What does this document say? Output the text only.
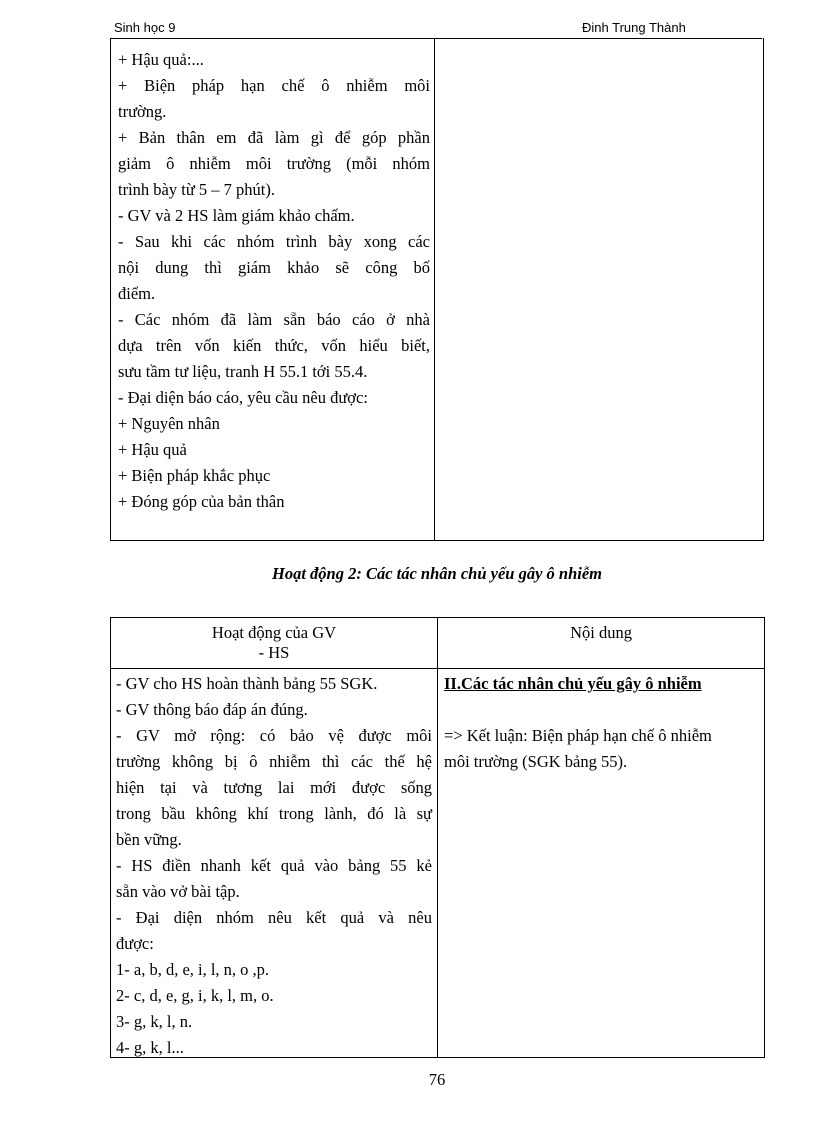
Sinh học 9	Đinh Trung Thành
+ Hậu quả:...
+ Biện pháp hạn chế ô nhiễm môi
trường.
+ Bản thân em đã làm gì để góp phần
giảm ô nhiễm môi trường (mỗi nhóm
trình bày từ 5 – 7 phút).
- GV và 2 HS làm giám khảo chấm.
- Sau khi các nhóm trình bày xong các
nội dung thì giám khảo sẽ công bố
điểm.
- Các nhóm đã làm sẵn báo cáo ở nhà
dựa trên vốn kiến thức, vốn hiểu biết,
sưu tầm tư liệu, tranh H 55.1 tới 55.4.
- Đại diện báo cáo, yêu cầu nêu được:
+ Nguyên nhân
+ Hậu quả
+ Biện pháp khắc phục
+ Đóng góp của bản thân
Hoạt động 2: Các tác nhân chủ yếu gây ô nhiễm
Hoạt động của GV
- HS
Nội dung
- GV cho HS hoàn thành bảng 55 SGK.
- GV thông báo đáp án đúng.
- GV mở rộng: có bảo vệ được môi
trường không bị ô nhiễm thì các thế hệ
hiện tại và tương lai mới được sống
trong bầu không khí trong lành, đó là sự
bền vững.
- HS điền nhanh kết quả vào bảng 55 kẻ
sẵn vào vở bài tập.
- Đại diện nhóm nêu kết quả và nêu
được:
1- a, b, d, e, i, l, n, o ,p.
2- c, d, e, g, i, k, l, m, o.
3- g, k, l, n.
4- g, k, l...
II.Các tác nhân chủ yếu gây ô nhiễm
=> Kết luận: Biện pháp hạn chế ô nhiễm
môi trường (SGK bảng 55).
76
